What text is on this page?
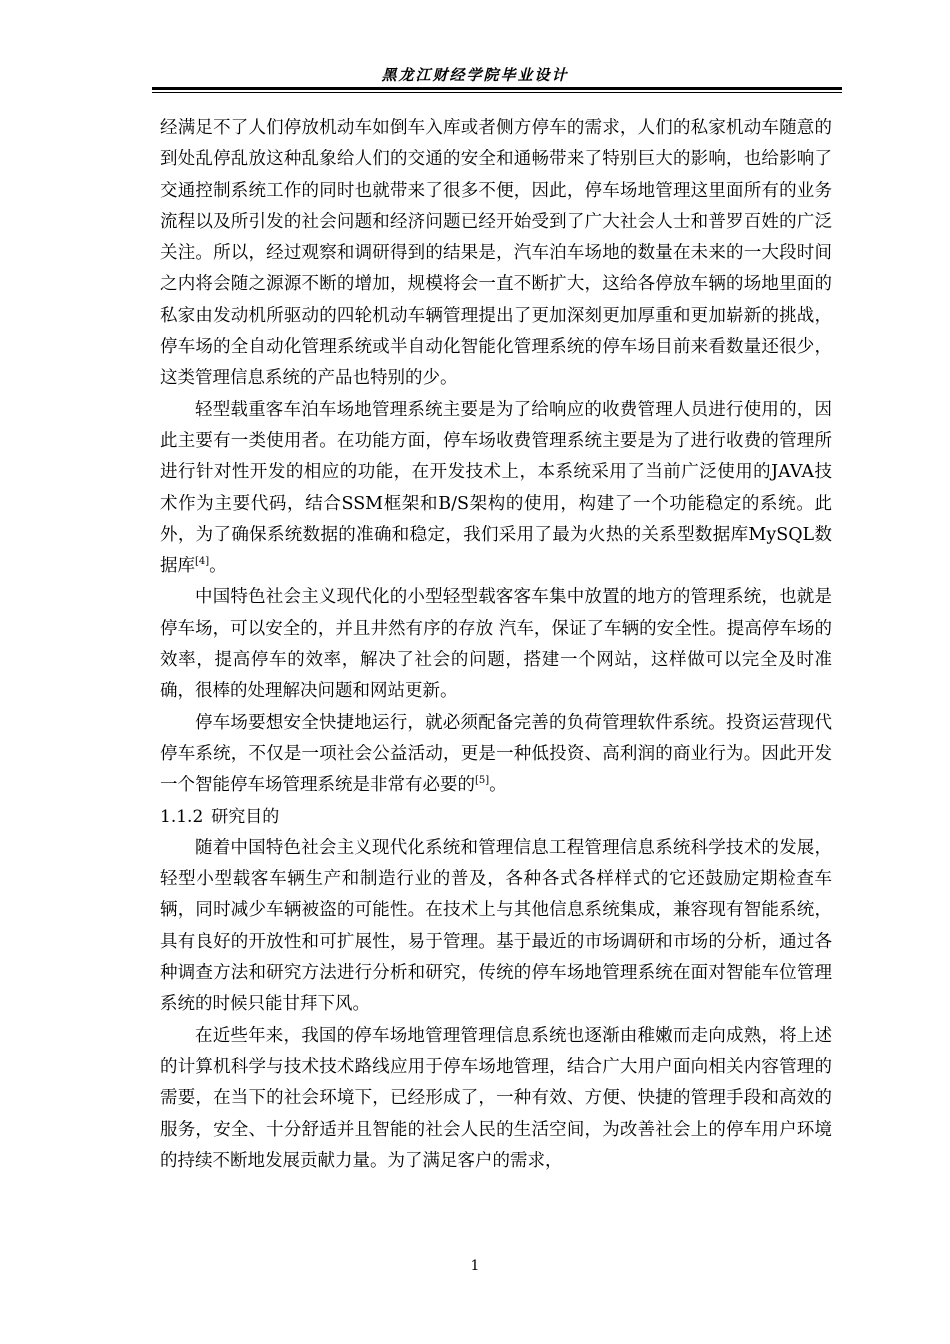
黑龙江财经学院毕业设计

经满足不了人们停放机动车如倒车入库或者侧方停车的需求，人们的私家机动车随意的到处乱停乱放这种乱象给人们的交通的安全和通畅带来了特别巨大的影响，也给影响了交通控制系统工作的同时也就带来了很多不便，因此，停车场地管理这里面所有的业务流程以及所引发的社会问题和经济问题已经开始受到了广大社会人士和普罗百姓的广泛关注。所以，经过观察和调研得到的结果是，汽车泊车场地的数量在未来的一大段时间之内将会随之源源不断的增加，规模将会一直不断扩大，这给各停放车辆的场地里面的私家由发动机所驱动的四轮机动车辆管理提出了更加深刻更加厚重和更加崭新的挑战，停车场的全自动化管理系统或半自动化智能化管理系统的停车场目前来看数量还很少，这类管理信息系统的产品也特别的少。

轻型载重客车泊车场地管理系统主要是为了给响应的收费管理人员进行使用的，因此主要有一类使用者。在功能方面，停车场收费管理系统主要是为了进行收费的管理所进行针对性开发的相应的功能，在开发技术上，本系统采用了当前广泛使用的JAVA技术作为主要代码，结合SSM框架和B/S架构的使用，构建了一个功能稳定的系统。此外，为了确保系统数据的准确和稳定，我们采用了最为火热的关系型数据库MySQL数据库[4]。

中国特色社会主义现代化的小型轻型载客客车集中放置的地方的管理系统，也就是停车场，可以安全的，并且井然有序的存放 汽车，保证了车辆的安全性。提高停车场的效率，提高停车的效率，解决了社会的问题，搭建一个网站，这样做可以完全及时准确，很棒的处理解决问题和网站更新。

停车场要想安全快捷地运行，就必须配备完善的负荷管理软件系统。投资运营现代停车系统，不仅是一项社会公益活动，更是一种低投资、高利润的商业行为。因此开发一个智能停车场管理系统是非常有必要的[5]。

1.1.2 研究目的

随着中国特色社会主义现代化系统和管理信息工程管理信息系统科学技术的发展，轻型小型载客车辆生产和制造行业的普及，各种各式各样样式的它还鼓励定期检查车辆，同时减少车辆被盗的可能性。在技术上与其他信息系统集成，兼容现有智能系统，具有良好的开放性和可扩展性，易于管理。基于最近的市场调研和市场的分析，通过各种调查方法和研究方法进行分析和研究，传统的停车场地管理系统在面对智能车位管理系统的时候只能甘拜下风。

在近些年来，我国的停车场地管理管理信息系统也逐渐由稚嫩而走向成熟，将上述的计算机科学与技术技术路线应用于停车场地管理，结合广大用户面向相关内容管理的需要，在当下的社会环境下，已经形成了，一种有效、方便、快捷的管理手段和高效的服务，安全、十分舒适并且智能的社会人民的生活空间，为改善社会上的停车用户环境的持续不断地发展贡献力量。为了满足客户的需求，

1
